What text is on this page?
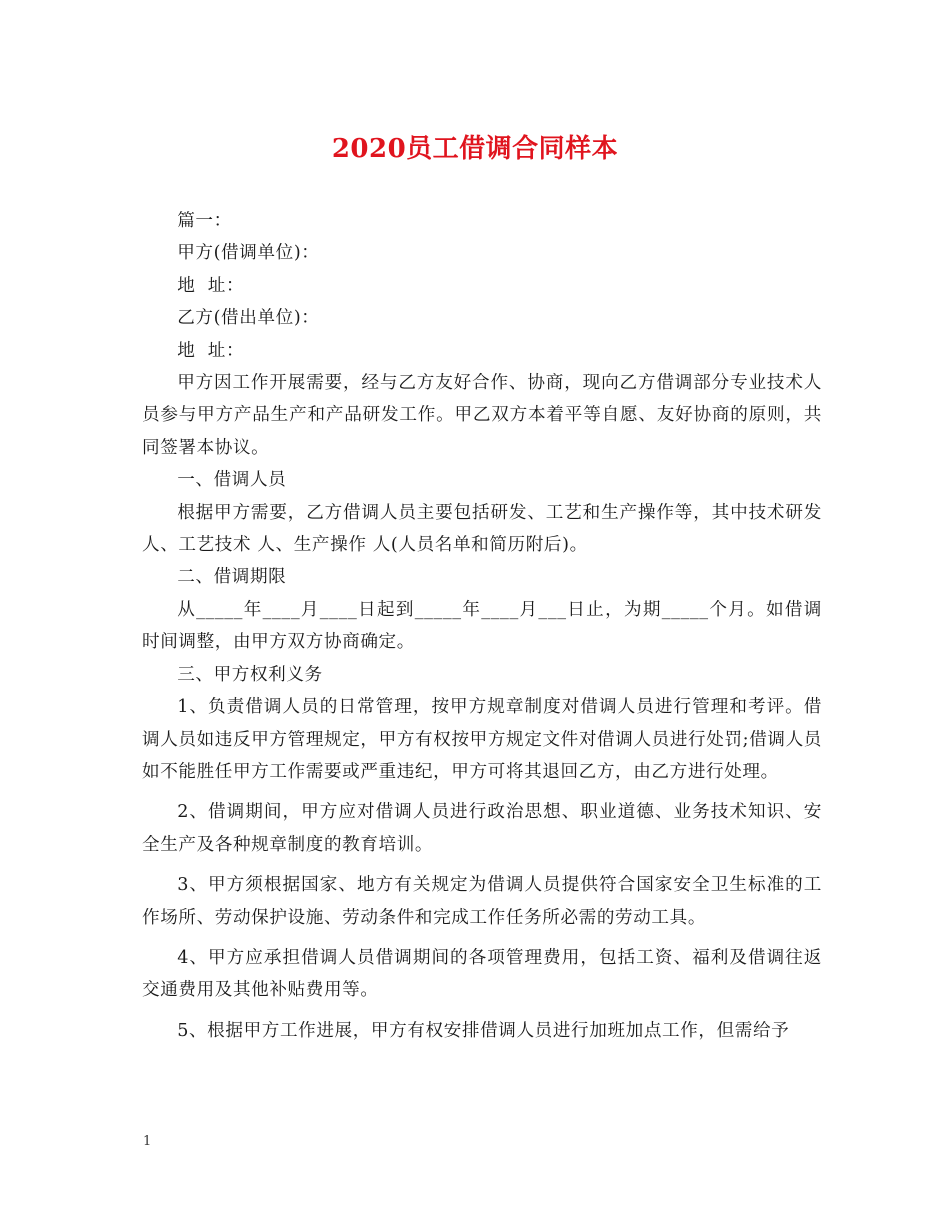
2020员工借调合同样本

篇一：

甲方(借调单位)：

地  址：

乙方(借出单位)：

地  址：

甲方因工作开展需要，经与乙方友好合作、协商，现向乙方借调部分专业技术人员参与甲方产品生产和产品研发工作。甲乙双方本着平等自愿、友好协商的原则，共同签署本协议。

一、借调人员

根据甲方需要，乙方借调人员主要包括研发、工艺和生产操作等，其中技术研发 人、工艺技术 人、生产操作 人(人员名单和简历附后)。

二、借调期限

从_____年____月____日起到_____年____月___日止，为期_____个月。如借调时间调整，由甲方双方协商确定。

三、甲方权利义务

1、负责借调人员的日常管理，按甲方规章制度对借调人员进行管理和考评。借调人员如违反甲方管理规定，甲方有权按甲方规定文件对借调人员进行处罚;借调人员如不能胜任甲方工作需要或严重违纪，甲方可将其退回乙方，由乙方进行处理。

2、借调期间，甲方应对借调人员进行政治思想、职业道德、业务技术知识、安全生产及各种规章制度的教育培训。

3、甲方须根据国家、地方有关规定为借调人员提供符合国家安全卫生标准的工作场所、劳动保护设施、劳动条件和完成工作任务所必需的劳动工具。

4、甲方应承担借调人员借调期间的各项管理费用，包括工资、福利及借调往返交通费用及其他补贴费用等。

5、根据甲方工作进展，甲方有权安排借调人员进行加班加点工作，但需给予

1
